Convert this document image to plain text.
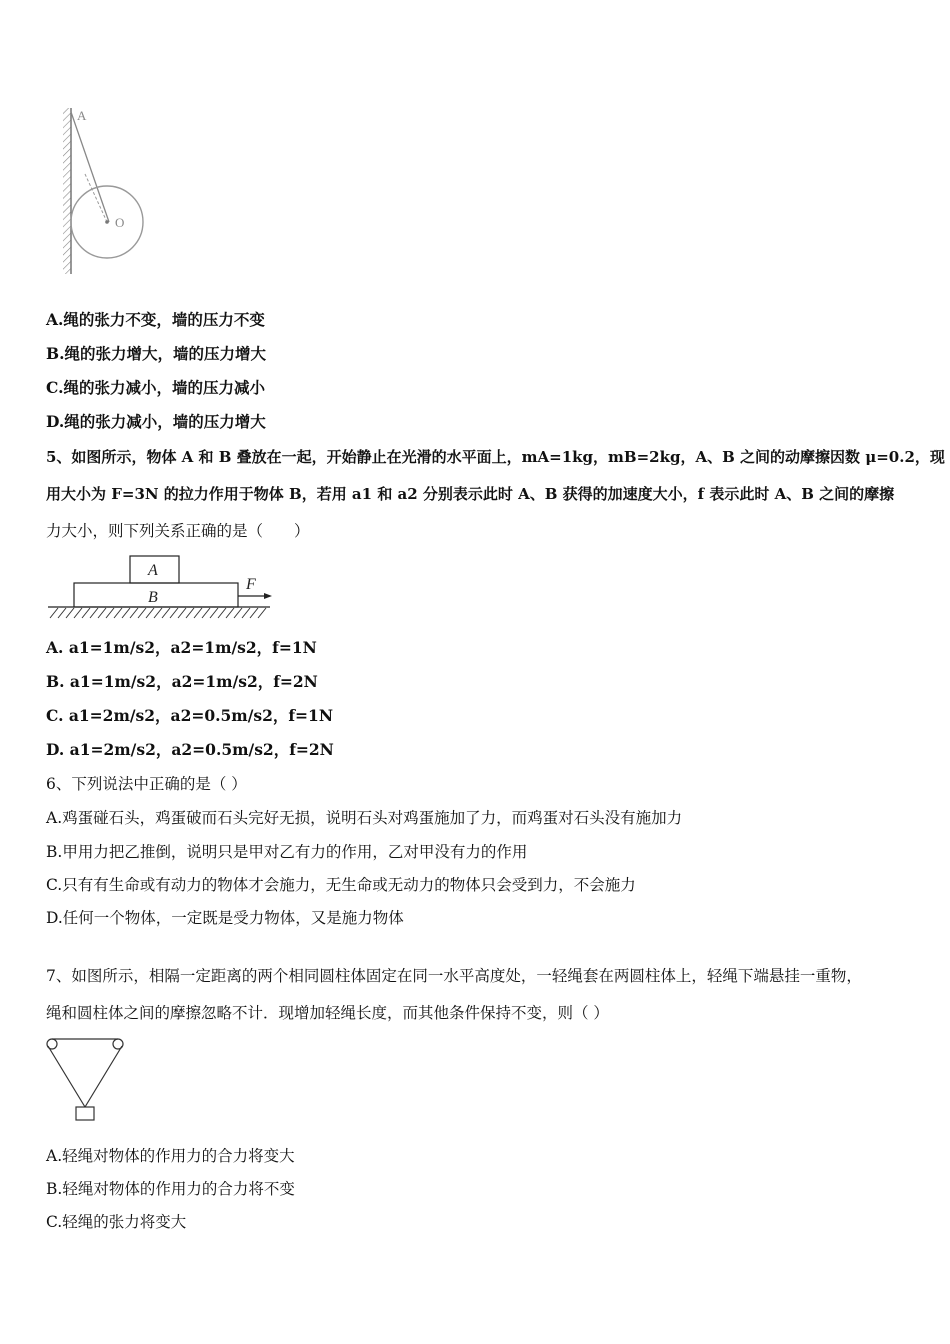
A
O
A.绳的张力不变，墙的压力不变
B.绳的张力增大，墙的压力增大
C.绳的张力减小，墙的压力减小
D.绳的张力减小，墙的压力增大
5、如图所示，物体 A 和 B 叠放在一起，开始静止在光滑的水平面上，mA=1kg，mB=2kg，A、B 之间的动摩擦因数 μ=0.2，现
用大小为 F=3N 的拉力作用于物体 B，若用 a1 和 a2 分别表示此时 A、B 获得的加速度大小，f 表示此时 A、B 之间的摩擦
力大小，则下列关系正确的是（　　）
A
B
F
A. a1=1m/s2，a2=1m/s2，f=1N
B. a1=1m/s2，a2=1m/s2，f=2N
C. a1=2m/s2，a2=0.5m/s2，f=1N
D. a1=2m/s2，a2=0.5m/s2，f=2N
6、下列说法中正确的是（ ）
A.鸡蛋碰石头，鸡蛋破而石头完好无损，说明石头对鸡蛋施加了力，而鸡蛋对石头没有施加力
B.甲用力把乙推倒，说明只是甲对乙有力的作用，乙对甲没有力的作用
C.只有有生命或有动力的物体才会施力，无生命或无动力的物体只会受到力，不会施力
D.任何一个物体，一定既是受力物体，又是施力物体
7、如图所示，相隔一定距离的两个相同圆柱体固定在同一水平高度处，一轻绳套在两圆柱体上，轻绳下端悬挂一重物，
绳和圆柱体之间的摩擦忽略不计．现增加轻绳长度，而其他条件保持不变，则（ ）
A.轻绳对物体的作用力的合力将变大
B.轻绳对物体的作用力的合力将不变
C.轻绳的张力将变大
